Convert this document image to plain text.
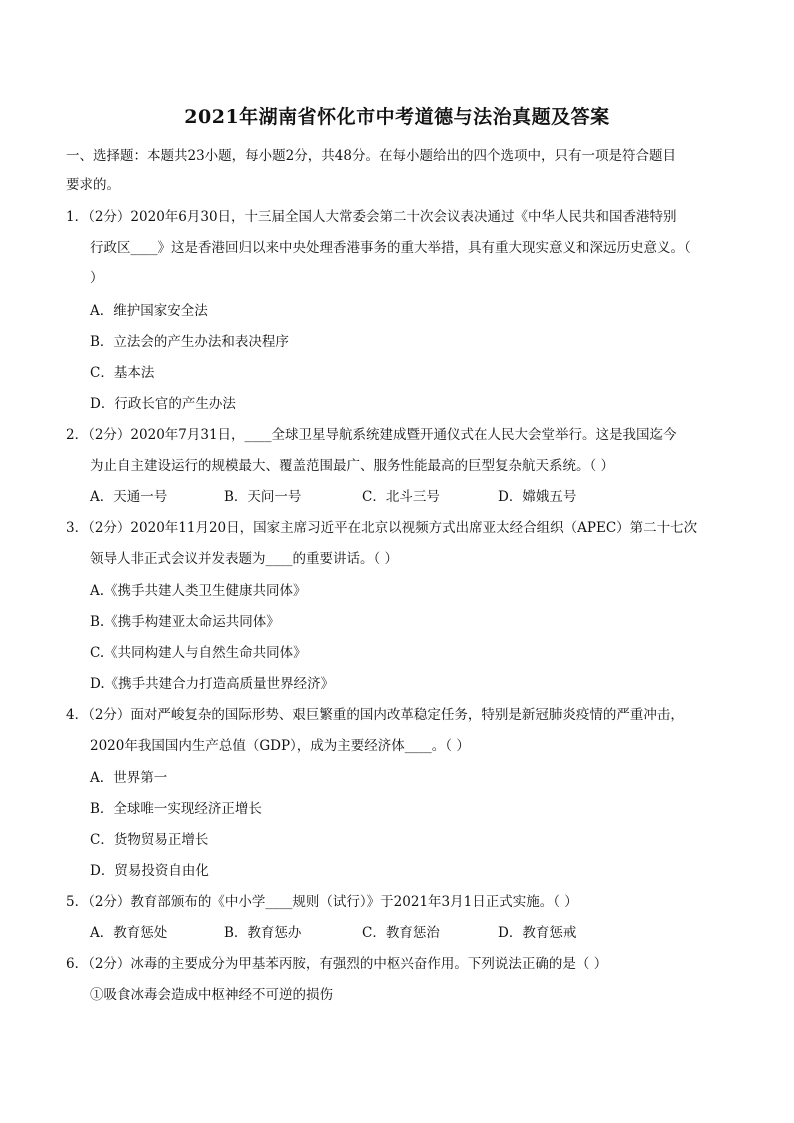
2021年湖南省怀化市中考道德与法治真题及答案
一、选择题：本题共23小题，每小题2分，共48分。在每小题给出的四个选项中，只有一项是符合题目
要求的。
1．（2分）2020年6月30日，十三届全国人大常委会第二十次会议表决通过《中华人民共和国香港特别
行政区____》这是香港回归以来中央处理香港事务的重大举措，具有重大现实意义和深远历史意义。（
）
A．维护国家安全法
B．立法会的产生办法和表决程序
C．基本法
D．行政长官的产生办法
2．（2分）2020年7月31日，____全球卫星导航系统建成暨开通仪式在人民大会堂举行。这是我国迄今
为止自主建设运行的规模最大、覆盖范围最广、服务性能最高的巨型复杂航天系统。（ ）
A．天通一号	B．天问一号	C．北斗三号	D．嫦娥五号
3．（2分）2020年11月20日，国家主席习近平在北京以视频方式出席亚太经合组织（APEC）第二十七次
领导人非正式会议并发表题为____的重要讲话。（ ）
A.《携手共建人类卫生健康共同体》
B.《携手构建亚太命运共同体》
C.《共同构建人与自然生命共同体》
D.《携手共建合力打造高质量世界经济》
4．（2分）面对严峻复杂的国际形势、艰巨繁重的国内改革稳定任务，特别是新冠肺炎疫情的严重冲击，
2020年我国国内生产总值（GDP），成为主要经济体____。（ ）
A．世界第一
B．全球唯一实现经济正增长
C．货物贸易正增长
D．贸易投资自由化
5．（2分）教育部颁布的《中小学____规则（试行）》于2021年3月1日正式实施。（ ）
A．教育惩处	B．教育惩办	C．教育惩治	D．教育惩戒
6．（2分）冰毒的主要成分为甲基苯丙胺，有强烈的中枢兴奋作用。下列说法正确的是（ ）
①吸食冰毒会造成中枢神经不可逆的损伤
